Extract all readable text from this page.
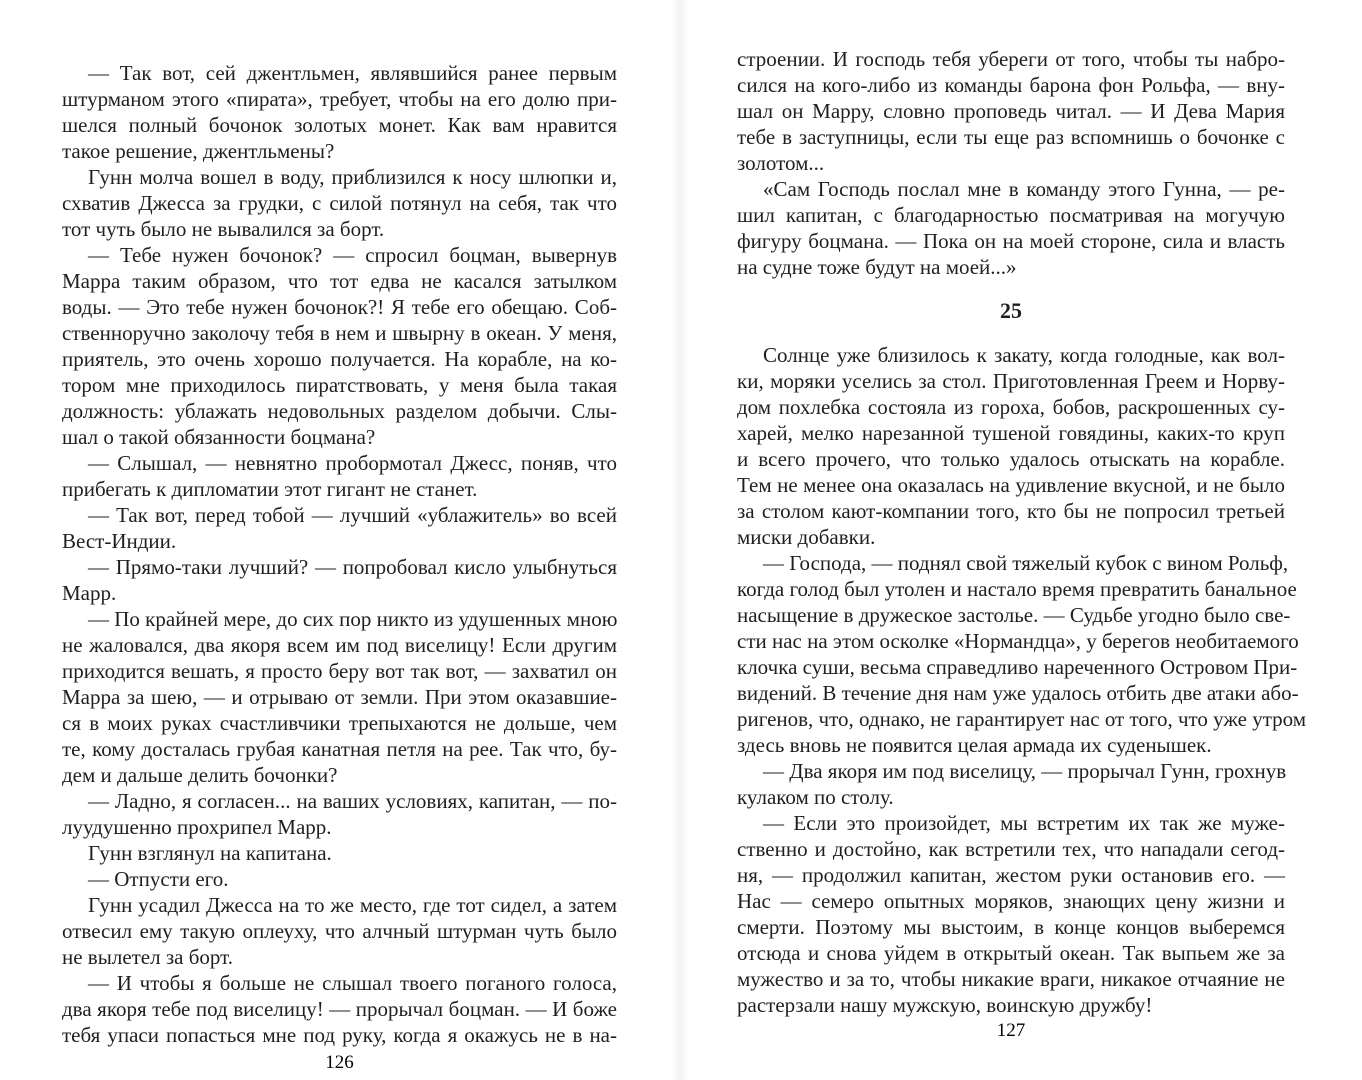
— Так вот, сей джентльмен, являвшийся ранее первым
штурманом этого «пирата», требует, чтобы на его долю при-
шелся полный бочонок золотых монет. Как вам нравится
такое решение, джентльмены?
Гунн молча вошел в воду, приблизился к носу шлюпки и,
схватив Джесса за грудки, с силой потянул на себя, так что
тот чуть было не вывалился за борт.
— Тебе нужен бочонок? — спросил боцман, вывернув
Марра таким образом, что тот едва не касался затылком
воды. — Это тебе нужен бочонок?! Я тебе его обещаю. Соб-
ственноручно заколочу тебя в нем и швырну в океан. У меня,
приятель, это очень хорошо получается. На корабле, на ко-
тором мне приходилось пиратствовать, у меня была такая
должность: ублажать недовольных разделом добычи. Слы-
шал о такой обязанности боцмана?
— Слышал, — невнятно пробормотал Джесс, поняв, что
прибегать к дипломатии этот гигант не станет.
— Так вот, перед тобой — лучший «ублажитель» во всей
Вест-Индии.
— Прямо-таки лучший? — попробовал кисло улыбнуться
Марр.
— По крайней мере, до сих пор никто из удушенных мною
не жаловался, два якоря всем им под виселицу! Если другим
приходится вешать, я просто беру вот так вот, — захватил он
Марра за шею, — и отрываю от земли. При этом оказавшие-
ся в моих руках счастливчики трепыхаются не дольше, чем
те, кому досталась грубая канатная петля на рее. Так что, бу-
дем и дальше делить бочонки?
— Ладно, я согласен... на ваших условиях, капитан, — по-
луудушенно прохрипел Марр.
Гунн взглянул на капитана.
— Отпусти его.
Гунн усадил Джесса на то же место, где тот сидел, а затем
отвесил ему такую оплеуху, что алчный штурман чуть было
не вылетел за борт.
— И чтобы я больше не слышал твоего поганого голоса,
два якоря тебе под виселицу! — прорычал боцман. — И боже
тебя упаси попасться мне под руку, когда я окажусь не в на-
строении. И господь тебя убереги от того, чтобы ты набро-
сился на кого-либо из команды барона фон Рольфа, — вну-
шал он Марру, словно проповедь читал. — И Дева Мария
тебе в заступницы, если ты еще раз вспомнишь о бочонке с
золотом...
«Сам Господь послал мне в команду этого Гунна, — ре-
шил капитан, с благодарностью посматривая на могучую
фигуру боцмана. — Пока он на моей стороне, сила и власть
на судне тоже будут на моей...»
25
Солнце уже близилось к закату, когда голодные, как вол-
ки, моряки уселись за стол. Приготовленная Греем и Норву-
дом похлебка состояла из гороха, бобов, раскрошенных су-
харей, мелко нарезанной тушеной говядины, каких-то круп
и всего прочего, что только удалось отыскать на корабле.
Тем не менее она оказалась на удивление вкусной, и не было
за столом кают-компании того, кто бы не попросил третьей
миски добавки.
— Господа, — поднял свой тяжелый кубок с вином Рольф,
когда голод был утолен и настало время превратить банальное
насыщение в дружеское застолье. — Судьбе угодно было све-
сти нас на этом осколке «Нормандца», у берегов необитаемого
клочка суши, весьма справедливо нареченного Островом При-
видений. В течение дня нам уже удалось отбить две атаки або-
ригенов, что, однако, не гарантирует нас от того, что уже утром
здесь вновь не появится целая армада их суденышек.
— Два якоря им под виселицу, — прорычал Гунн, грохнув
кулаком по столу.
— Если это произойдет, мы встретим их так же муже-
ственно и достойно, как встретили тех, что нападали сегод-
ня, — продолжил капитан, жестом руки остановив его. —
Нас — семеро опытных моряков, знающих цену жизни и
смерти. Поэтому мы выстоим, в конце концов выберемся
отсюда и снова уйдем в открытый океан. Так выпьем же за
мужество и за то, чтобы никакие враги, никакое отчаяние не
растерзали нашу мужскую, воинскую дружбу!
126
127
